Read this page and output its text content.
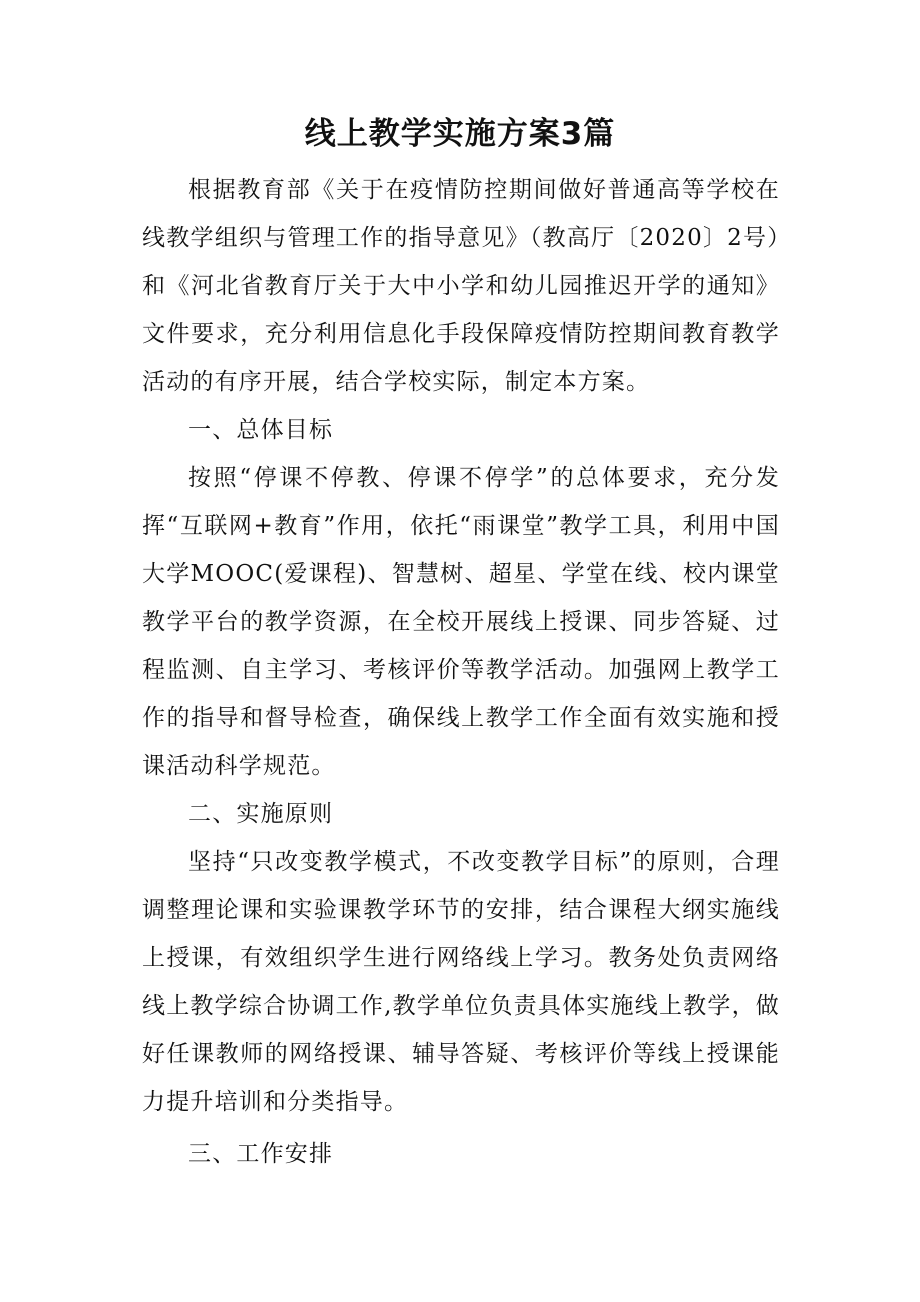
线上教学实施方案3篇

根据教育部《关于在疫情防控期间做好普通高等学校在线教学组织与管理工作的指导意见》（教高厅〔2020〕2号）和《河北省教育厅关于大中小学和幼儿园推迟开学的通知》文件要求，充分利用信息化手段保障疫情防控期间教育教学活动的有序开展，结合学校实际，制定本方案。

一、总体目标

按照“停课不停教、停课不停学”的总体要求，充分发挥“互联网+教育”作用，依托“雨课堂”教学工具，利用中国大学MOOC(爱课程)、智慧树、超星、学堂在线、校内课堂教学平台的教学资源，在全校开展线上授课、同步答疑、过程监测、自主学习、考核评价等教学活动。加强网上教学工作的指导和督导检查，确保线上教学工作全面有效实施和授课活动科学规范。

二、实施原则

坚持“只改变教学模式，不改变教学目标”的原则，合理调整理论课和实验课教学环节的安排，结合课程大纲实施线上授课，有效组织学生进行网络线上学习。教务处负责网络线上教学综合协调工作,教学单位负责具体实施线上教学，做好任课教师的网络授课、辅导答疑、考核评价等线上授课能力提升培训和分类指导。

三、工作安排
